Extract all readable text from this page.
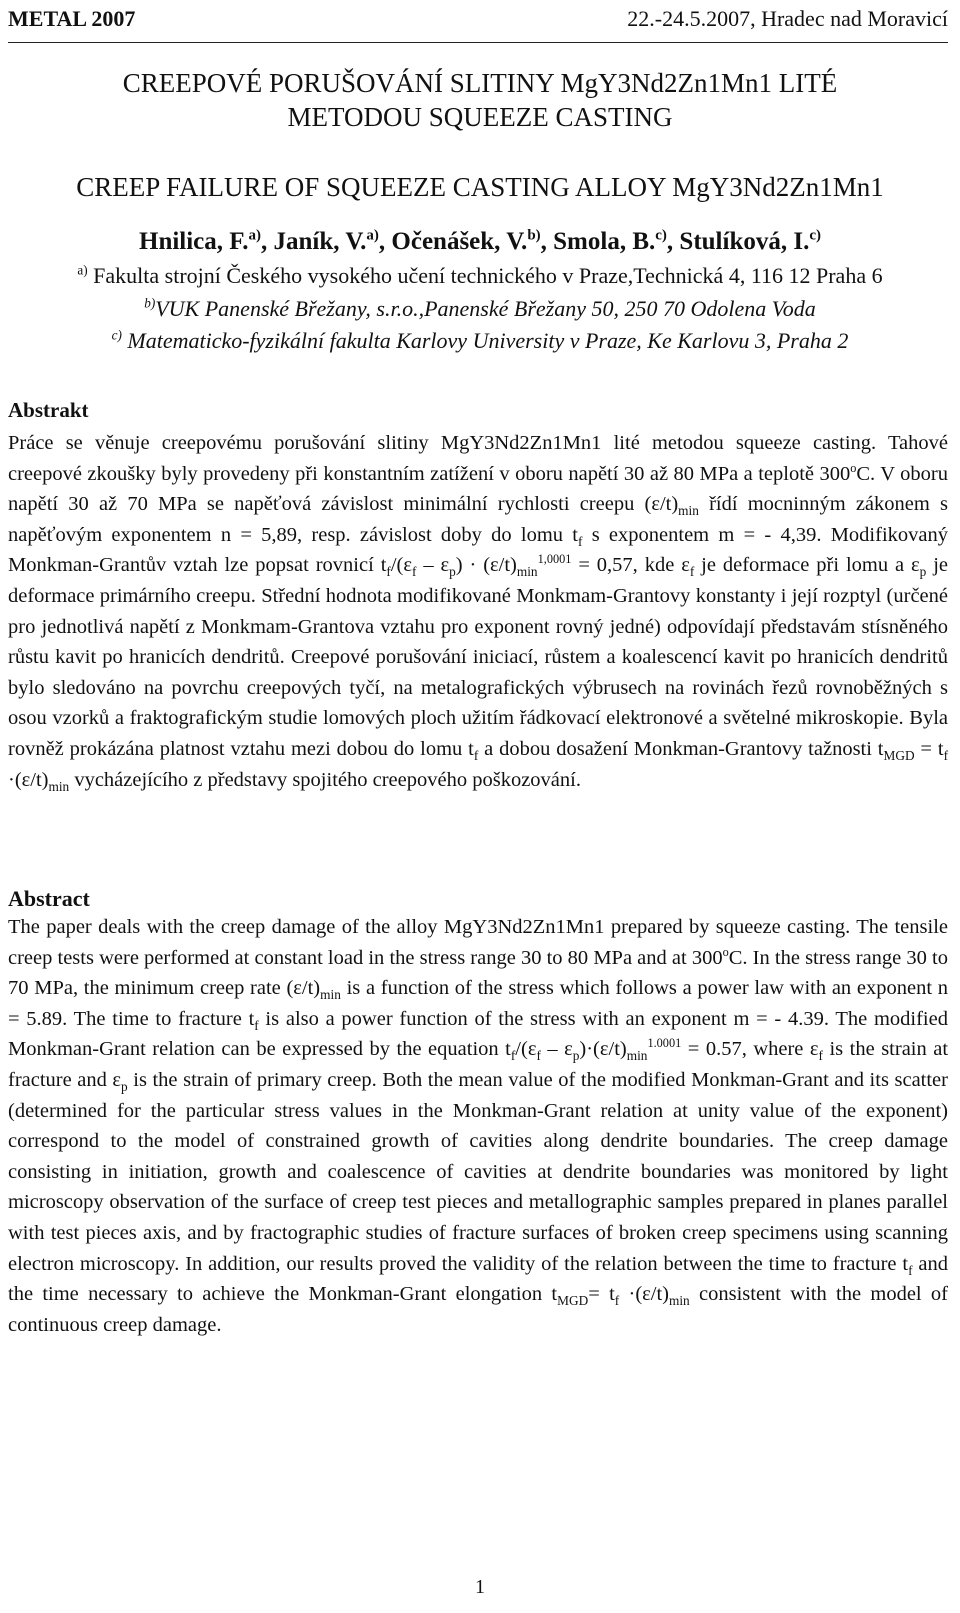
METAL 2007	22.-24.5.2007, Hradec nad Moravicí
CREEPOVÉ PORUŠOVÁNÍ SLITINY MgY3Nd2Zn1Mn1 LITÉ METODOU SQUEEZE CASTING
CREEP FAILURE OF SQUEEZE CASTING ALLOY MgY3Nd2Zn1Mn1
Hnilica, F.$^{a)}$, Janík, V.$^{a)}$, Očenášek, V.$^{b)}$, Smola, B.$^{c)}$, Stulíková, I.$^{c)}$
$^{a)}$ Fakulta strojní Českého vysokého učení technického v Praze,Technická 4, 116 12 Praha 6
$^{b)}$VUK Panenské Břežany, s.r.o.,Panenské Břežany 50, 250 70 Odolena Voda
$^{c)}$ Matematicko-fyzikální fakulta Karlovy University v Praze, Ke Karlovu 3, Praha 2
Abstrakt
Práce se věnuje creepovému porušování slitiny MgY3Nd2Zn1Mn1 lité metodou squeeze casting. Tahové creepové zkoušky byly provedeny při konstantním zatížení v oboru napětí 30 až 80 MPa a teplotě 300$^o$C. V oboru napětí 30 až 70 MPa se napěťová závislost minimální rychlosti creepu $(\varepsilon/t)_{min}$ řídí mocninným zákonem s napěťovým exponentem n = 5,89, resp. závislost doby do lomu $t_f$ s exponentem m = - 4,39. Modifikovaný Monkman-Grantův vztah lze popsat rovnicí $t_f/(\varepsilon_f - \varepsilon_p) \cdot (\varepsilon/t)_{min}^{1,0001} = 0,57$, kde $\varepsilon_f$ je deformace při lomu a $\varepsilon_p$ je deformace primárního creepu. Střední hodnota modifikované Monkmam-Grantovy konstanty i její rozptyl (určené pro jednotlivá napětí z Monkmam-Grantova vztahu pro exponent rovný jedné) odpovídají představám stísněného růstu kavit po hranicích dendritů. Creepové porušování iniciací, růstem a koalescencí kavit po hranicích dendritů bylo sledováno na povrchu creepových tyčí, na metalografických výbrusech na rovinách řezů rovnoběžných s osou vzorků a fraktografickým studie lomových ploch užitím řádkovací elektronové a světelné mikroskopie. Byla rovněž prokázána platnost vztahu mezi dobou do lomu $t_f$ a dobou dosažení Monkman-Grantovy tažnosti $t_{MGD} = t_f \cdot(\varepsilon/t)_{min}$ vycházejícího z představy spojitého creepového poškozování.
Abstract
The paper deals with the creep damage of the alloy MgY3Nd2Zn1Mn1 prepared by squeeze casting. The tensile creep tests were performed at constant load in the stress range 30 to 80 MPa and at 300$^o$C. In the stress range 30 to 70 MPa, the minimum creep rate $(\varepsilon/t)_{min}$ is a function of the stress which follows a power law with an exponent n = 5.89. The time to fracture $t_f$ is also a power function of the stress with an exponent m = - 4.39. The modified Monkman-Grant relation can be expressed by the equation $t_f/(\varepsilon_f - \varepsilon_p)\cdot(\varepsilon/t)_{min}^{1.0001} = 0.57$, where $\varepsilon_f$ is the strain at fracture and $\varepsilon_p$ is the strain of primary creep. Both the mean value of the modified Monkman-Grant and its scatter (determined for the particular stress values in the Monkman-Grant relation at unity value of the exponent) correspond to the model of constrained growth of cavities along dendrite boundaries. The creep damage consisting in initiation, growth and coalescence of cavities at dendrite boundaries was monitored by light microscopy observation of the surface of creep test pieces and metallographic samples prepared in planes parallel with test pieces axis, and by fractographic studies of fracture surfaces of broken creep specimens using scanning electron microscopy. In addition, our results proved the validity of the relation between the time to fracture $t_f$ and the time necessary to achieve the Monkman-Grant elongation $t_{MGD}= t_f \cdot(\varepsilon/t)_{min}$ consistent with the model of continuous creep damage.
1
